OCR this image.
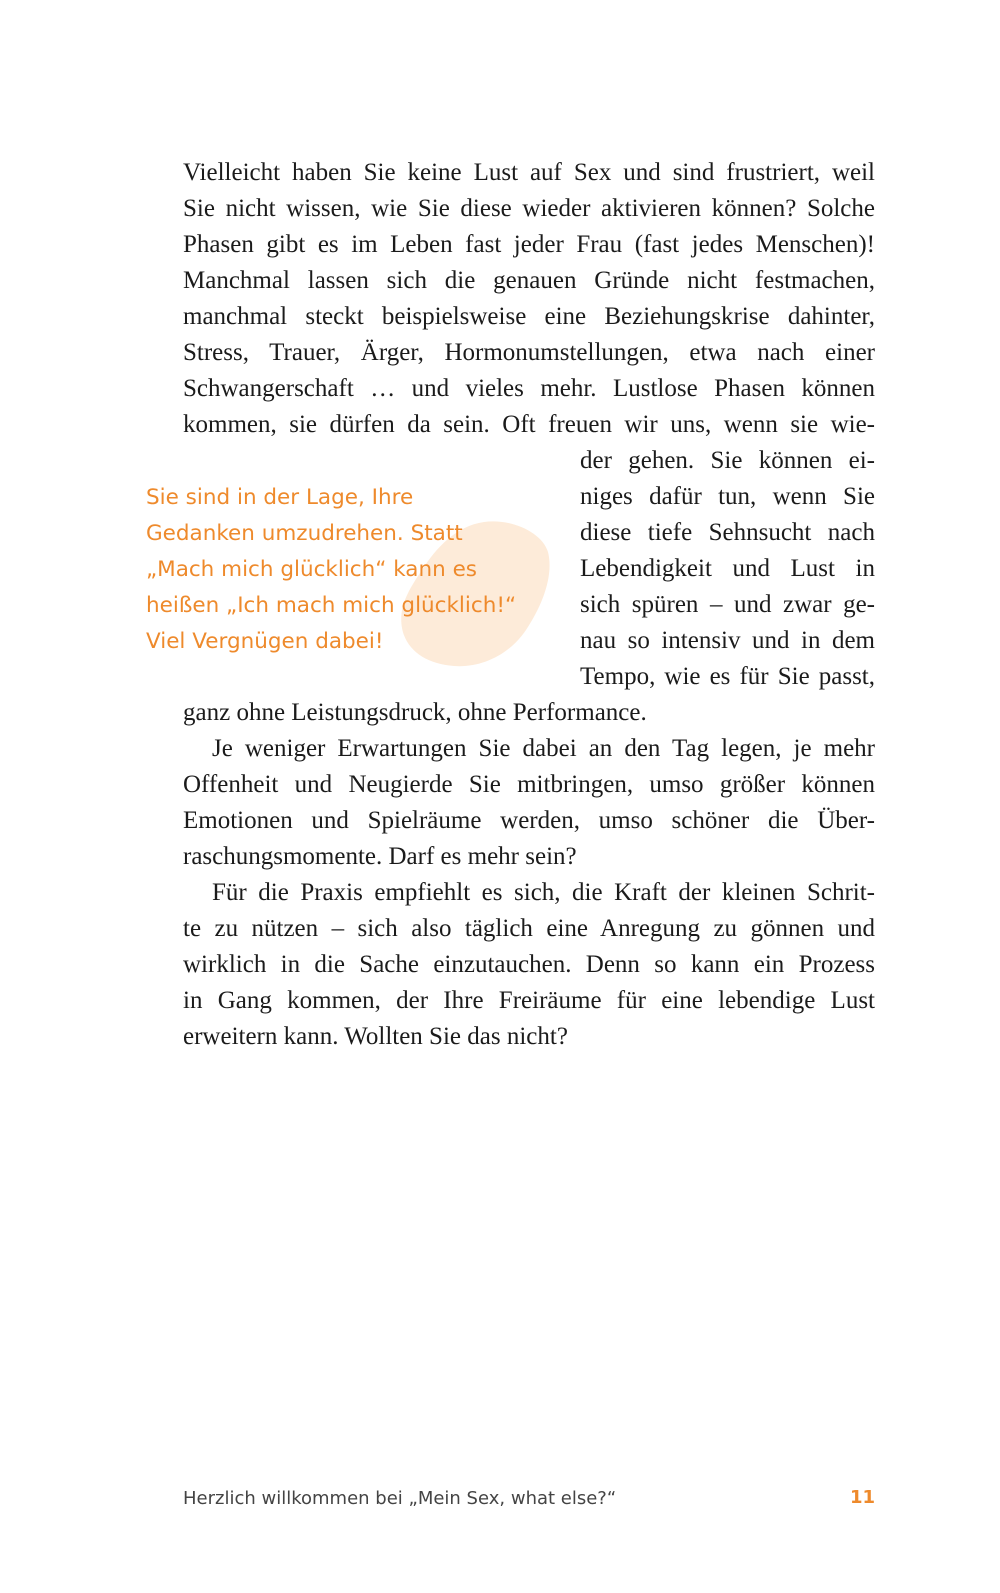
Vielleicht haben Sie keine Lust auf Sex und sind frustriert, weil
Sie nicht wissen, wie Sie diese wieder aktivieren können? Solche
Phasen gibt es im Leben fast jeder Frau (fast jedes Menschen)!
Manchmal lassen sich die genauen Gründe nicht festmachen,
manchmal steckt beispielsweise eine Beziehungskrise dahinter,
Stress, Trauer, Ärger, Hormonumstellungen, etwa nach einer
Schwangerschaft … und vieles mehr. Lustlose Phasen können
kommen, sie dürfen da sein. Oft freuen wir uns, wenn sie wie-
der gehen. Sie können ei-
niges dafür tun, wenn Sie
diese tiefe Sehnsucht nach
Lebendigkeit und Lust in
sich spüren – und zwar ge-
nau so intensiv und in dem
Tempo, wie es für Sie passt,
ganz ohne Leistungsdruck, ohne Performance.
Je weniger Erwartungen Sie dabei an den Tag legen, je mehr
Offenheit und Neugierde Sie mitbringen, umso größer können
Emotionen und Spielräume werden, umso schöner die Über-
raschungsmomente. Darf es mehr sein?
Für die Praxis empfiehlt es sich, die Kraft der kleinen Schrit-
te zu nützen – sich also täglich eine Anregung zu gönnen und
wirklich in die Sache einzutauchen. Denn so kann ein Prozess
in Gang kommen, der Ihre Freiräume für eine lebendige Lust
erweitern kann. Wollten Sie das nicht?
Sie sind in der Lage, Ihre
Gedanken umzudrehen. Statt
„Mach mich glücklich“ kann es
heißen „Ich mach mich glücklich!“
Viel Vergnügen dabei!
Herzlich willkommen bei „Mein Sex, what else?“	11
